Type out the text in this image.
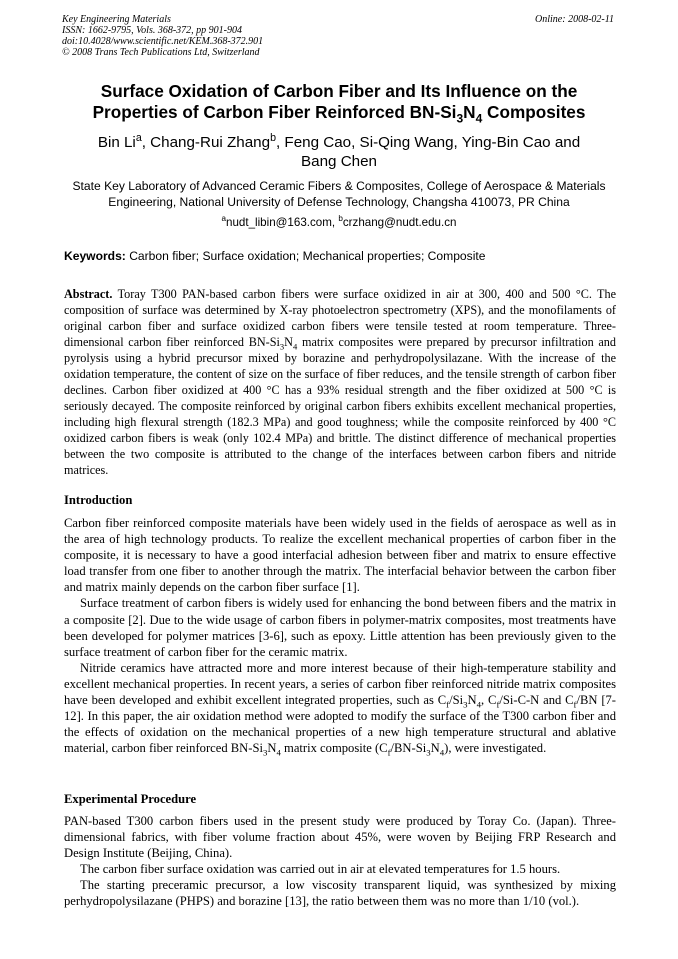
Key Engineering Materials
ISSN: 1662-9795, Vols. 368-372, pp 901-904
doi:10.4028/www.scientific.net/KEM.368-372.901
© 2008 Trans Tech Publications Ltd, Switzerland
Online: 2008-02-11
Surface Oxidation of Carbon Fiber and Its Influence on the
Properties of Carbon Fiber Reinforced $BN-Si_3N_4$ Composites
Bin Li$^a$, Chang-Rui Zhang$^b$, Feng Cao, Si-Qing Wang, Ying-Bin Cao and
Bang Chen
State Key Laboratory of Advanced Ceramic Fibers & Composites, College of Aerospace & Materials
Engineering, National University of Defense Technology, Changsha 410073, PR China
$^a$nudt_libin@163.com, $^b$crzhang@nudt.edu.cn
Keywords: Carbon fiber; Surface oxidation; Mechanical properties; Composite
Abstract. Toray T300 PAN-based carbon fibers were surface oxidized in air at 300, 400 and 500 °C. The composition of surface was determined by X-ray photoelectron spectrometry (XPS), and the monofilaments of original carbon fiber and surface oxidized carbon fibers were tensile tested at room temperature. Three-dimensional carbon fiber reinforced $BN-Si_3N_4$ matrix composites were prepared by precursor infiltration and pyrolysis using a hybrid precursor mixed by borazine and perhydropolysilazane. With the increase of the oxidation temperature, the content of size on the surface of fiber reduces, and the tensile strength of carbon fiber declines. Carbon fiber oxidized at 400 °C has a 93% residual strength and the fiber oxidized at 500 °C is seriously decayed. The composite reinforced by original carbon fibers exhibits excellent mechanical properties, including high flexural strength (182.3 MPa) and good toughness; while the composite reinforced by 400 °C oxidized carbon fibers is weak (only 102.4 MPa) and brittle. The distinct difference of mechanical properties between the two composite is attributed to the change of the interfaces between carbon fibers and nitride matrices.
Introduction

Carbon fiber reinforced composite materials have been widely used in the fields of aerospace as well as in the area of high technology products. To realize the excellent mechanical properties of carbon fiber in the composite, it is necessary to have a good interfacial adhesion between fiber and matrix to ensure effective load transfer from one fiber to another through the matrix. The interfacial behavior between the carbon fiber and matrix mainly depends on the carbon fiber surface [1].

Surface treatment of carbon fibers is widely used for enhancing the bond between fibers and the matrix in a composite [2]. Due to the wide usage of carbon fibers in polymer-matrix composites, most treatments have been developed for polymer matrices [3-6], such as epoxy. Little attention has been previously given to the surface treatment of carbon fiber for the ceramic matrix.

Nitride ceramics have attracted more and more interest because of their high-temperature stability and excellent mechanical properties. In recent years, a series of carbon fiber reinforced nitride matrix composites have been developed and exhibit excellent integrated properties, such as $C_f/Si_3N_4$, $C_f/Si-C-N$ and $C_f/BN$ [7-12]. In this paper, the air oxidation method were adopted to modify the surface of the T300 carbon fiber and the effects of oxidation on the mechanical properties of a new high temperature structural and ablative material, carbon fiber reinforced $BN-Si_3N_4$ matrix composite $(C_f/BN-Si_3N_4)$, were investigated.

Experimental Procedure

PAN-based T300 carbon fibers used in the present study were produced by Toray Co. (Japan). Three-dimensional fabrics, with fiber volume fraction about 45%, were woven by Beijing FRP Research and Design Institute (Beijing, China).

The carbon fiber surface oxidation was carried out in air at elevated temperatures for 1.5 hours.

The starting preceramic precursor, a low viscosity transparent liquid, was synthesized by mixing perhydropolysilazane (PHPS) and borazine [13], the ratio between them was no more than 1/10 (vol.).
